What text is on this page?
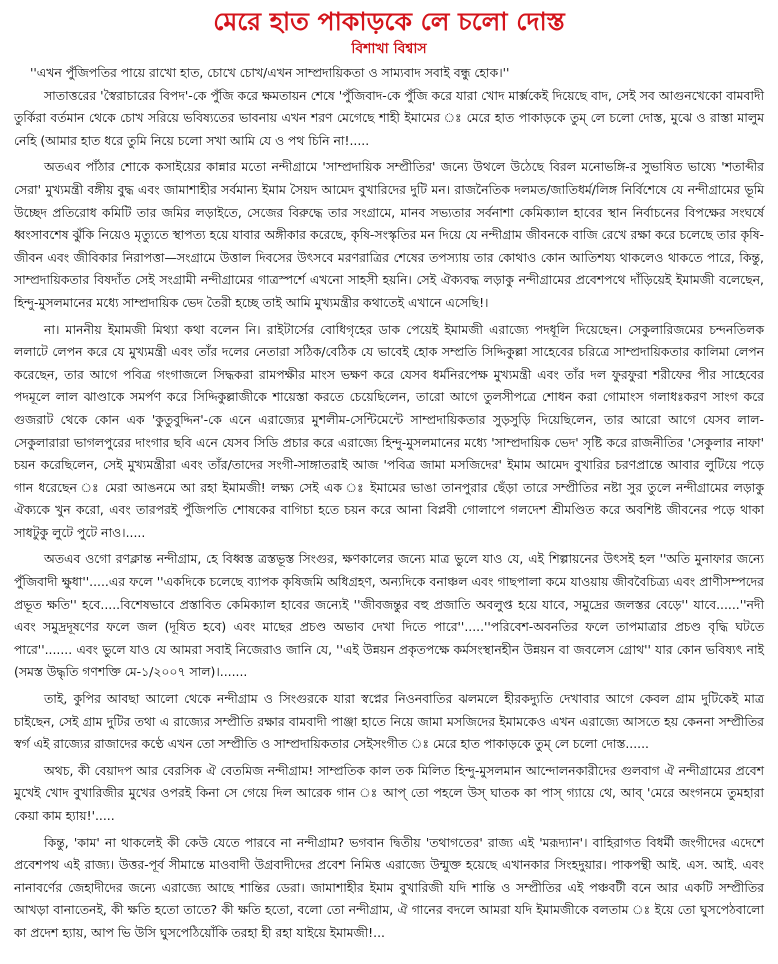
মেরে হাত পাকাড়কে লে চলো দোস্ত
বিশাখা বিশ্বাস

''এখন পুঁজিপতির পায়ে রাখো হাত, চোখে চোখ/এখন সাম্প্রদায়িকতা ও সাম্যবাদ সবাই বন্ধু হোক।''

সাতাত্তরের 'স্বৈরাচারের বিপদ'-কে পুঁজি করে ক্ষমতায়ন শেষে 'পুঁজিবাদ-কে পুঁজি করে যারা খোদ মার্ক্সকেই দিয়েছে বাদ, সেই সব আগুনখেকো বামবাদী তুর্কিরা বর্তমান থেকে চোখ সরিয়ে ভবিষ্যতের ভাবনায় এখন শরণ মেগেছে শাহী ইমামের ঃ মেরে হাত পাকাড়কে তুম্ লে চলো দোস্ত, মুঝে ও রাস্তা মালুম নেহি (আমার হাত ধরে তুমি নিয়ে চলো সখা আমি যে ও পথ চিনি না!.....

অতএব পাঁঠার শোকে কসাইয়ের কান্নার মতো নন্দীগ্রামে 'সাম্প্রদায়িক সম্প্রীতির' জন্যে উথলে উঠেছে বিরল মনোভঙ্গি-র সুভাষিত ভাষ্যে 'শতাব্দীর সেরা' মুখ্যমন্ত্রী বঙ্গীয় বুদ্ধ এবং জামাশাহীর সর্বমান্য ইমাম সৈয়দ আমেদ বুখারিদের দুটি মন। রাজনৈতিক দলমত/জাতিধর্ম/লিঙ্গ নির্বিশেষে যে নন্দীগ্রামের ভূমি উচ্ছেদ প্রতিরোধ কমিটি তার জমির লড়াইতে, সেজের বিরুদ্ধে তার সংগ্রামে, মানব সভ্যতার সর্বনাশা কেমিক্যাল হাবের স্থান নির্বাচনের বিপক্ষের সংঘর্ষে ধ্বংসাবশেষ ঝুঁকি নিয়েও মৃত্যুতে স্থাপত্য হয়ে যাবার অঙ্গীকার করেছে, কৃষি-সংস্কৃতির মন দিয়ে যে নন্দীগ্রাম জীবনকে বাজি রেখে রক্ষা করে চলেছে তার কৃষি-জীবন এবং জীবিকার নিরাপত্তা—সংগ্রামে উত্তাল দিবসের উৎসবে মরণরাত্রির শেষের তপস্যায় তার কোথাও কোন আতিশয্য থাকলেও থাকতে পারে, কিন্তু, সাম্প্রদায়িকতার বিষদাঁত সেই সংগ্রামী নন্দীগ্রামের গাত্রস্পর্শে এখনো সাহসী হয়নি। সেই ঐক্যবদ্ধ লড়াকু নন্দীগ্রামের প্রবেশপথে দাঁড়িয়েই ইমামজী বলেছেন, হিন্দু-মুসলমানের মধ্যে সাম্প্রদায়িক ভেদ তৈরী হচ্ছে তাই আমি মুখ্যমন্ত্রীর কথাতেই এখানে এসেছি!।

না। মাননীয় ইমামজী মিথ্যা কথা বলেন নি। রাইটার্সের বোধিগৃহের ডাক পেয়েই ইমামজী এরাজ্যে পদধূলি দিয়েছেন। সেকুলারিজমের চন্দনতিলক ললাটে লেপন করে যে মুখ্যমন্ত্রী এবং তাঁর দলের নেতারা সঠিক/বেঠিক যে ভাবেই হোক সম্প্রতি সিদ্দিকুল্লা সাহেবের চরিত্রে সাম্প্রদায়িকতার কালিমা লেপন করেছেন, তার আগে পবিত্র গংগাজলে সিদ্ধকরা রামপক্ষীর মাংস ভক্ষণ করে যেসব ধর্মনিরপেক্ষ মুখ্যমন্ত্রী এবং তাঁর দল ফুরফুরা শরীফের পীর সাহেবের পদমূলে লাল ঝাণ্ডাকে সমর্পণ করে সিদ্দিকুল্লাজীকে শায়েস্তা করতে চেয়েছিলেন, তারো আগে তুলসীপত্রে শোধন করা গোমাংস গলাধঃকরণ সাংগ করে গুজরাট থেকে কোন এক 'কুতুবুদ্দিন'-কে এনে এরাজ্যের মুশলীম-সেন্টিমেন্টে সাম্প্রদায়িকতার সুড়সুড়ি দিয়েছিলেন, তার আরো আগে যেসব লাল-সেকুলারারা ভাগলপুরের দাংগার ছবি এনে যেসব সিডি প্রচার করে এরাজ্যে হিন্দু-মুসলমানের মধ্যে 'সাম্প্রদায়িক ভেদ' সৃষ্টি করে রাজনীতির 'সেকুলার নাফা' চয়ন করেছিলেন, সেই মুখ্যমন্ত্রীরা এবং তাঁর/তাদের সংগী-সাঙ্গাতরাই আজ 'পবিত্র জামা মসজিদের' ইমাম আমেদ বুখারির চরণপ্রান্তে আবার লুটিয়ে পড়ে গান ধরেছেন ঃ মেরা আঙনমে আ রহা ইমামজী! লক্ষ্য সেই এক ঃ ইমামের ভাঙা তানপুরার ছেঁড়া তারে সম্প্রীতির নষ্টা সুর তুলে নন্দীগ্রামের লড়াকু ঐক্যকে খুন করো, এবং তারপরই পুঁজিপতি শোষকের বাগিচা হতে চয়ন করে আনা বিপ্লবী গোলাপে গলদেশ শ্রীমণ্ডিত করে অবশিষ্ট জীবনের পড়ে থাকা সাধটুকু লুটে পুটে নাও।.....

অতএব ওগো রণক্লান্ত নন্দীগ্রাম, হে বিধ্বস্ত ত্রস্তভূস্ত সিংগুর, ক্ষণকালের জন্যে মাত্র ভুলে যাও যে, এই শিল্পায়নের উৎসই হল ''অতি মুনাফার জন্যে পুঁজিবাদী ক্ষুধা''.....এর ফলে ''একদিকে চলেছে ব্যাপক কৃষিজমি অধিগ্রহণ, অন্যদিকে বনাঞ্চল এবং গাছপালা কমে যাওয়ায় জীববৈচিত্র্য এবং প্রাণীসম্পদের প্রভূত ক্ষতি'' হবে.....বিশেষভাবে প্রস্তাবিত কেমিক্যাল হাবের জন্যেই ''জীবজন্তুর বহু প্রজাতি অবলুপ্ত হয়ে যাবে, সমুদ্রের জলস্তর বেড়ে'' যাবে......''নদী এবং সমুদ্রদূষণের ফলে জল (দূষিত হবে) এবং মাছের প্রচণ্ড অভাব দেখা দিতে পারে''.....''পরিবেশ-অবনতির ফলে তাপমাত্রার প্রচণ্ড বৃদ্ধি ঘটতে পারে''....... এবং ভুলে যাও যে আমরা সবাই নিজেরাও জানি যে, ''এই উন্নয়ন প্রকৃতপক্ষে কর্মসংস্থানহীন উন্নয়ন বা জবলেস গ্রোথ'' যার কোন ভবিষ্যৎ নাই (সমস্ত উদ্ধৃতি গণশক্তি মে-১/২০০৭ সাল)।.......

তাই, কুপির আবছা আলো থেকে নন্দীগ্রাম ও সিংগুরকে যারা স্বপ্নের নিওনবাতির ঝলমলে হীরকদ্যুতি দেখাবার আগে কেবল গ্রাম দুটিকেই মাত্র চাইছেন, সেই গ্রাম দুটির তথা এ রাজ্যের সম্প্রীতি রক্ষার বামবাদী পাঞ্জা হাতে নিয়ে জামা মসজিদের ইমামকেও এখন এরাজ্যে আসতে হয় কেননা সম্প্রীতির স্বর্গ এই রাজ্যের রাজাদের কণ্ঠে এখন তো সম্প্রীতি ও সাম্প্রদায়িকতার সেইসংগীত ঃ মেরে হাত পাকাড়কে তুম্ লে চলো দোস্ত......

অথচ, কী বেয়াদপ আর বেরসিক ঐ বেতমিজ নন্দীগ্রাম! সাম্প্রতিক কাল তক মিলিত হিন্দু-মুসলমান আন্দোলনকারীদের গুলবাগ ঐ নন্দীগ্রামের প্রবেশ মুখেই খোদ বুখারিজীর মুখের ওপরই কিনা সে গেয়ে দিল আরেক গান ঃ আপ্ তো পহলে উস্ ঘাতক কা পাস্ গ্যায়ে থে, আব্ 'মেরে অংগনমে তুমহারা কেয়া কাম হ্যায়!'.....

কিন্তু, 'কাম' না থাকলেই কী কেউ যেতে পারবে না নন্দীগ্রাম? ভগবান দ্বিতীয় 'তথাগতের' রাজ্য এই 'মরূদ্যান'। বাহিরাগত বিধর্মী জংগীদের এদেশে প্রবেশপথ এই রাজ্য। উত্তর-পূর্ব সীমান্তে মাওবাদী উগ্রবাদীদের প্রবেশ নিমিত্ত এরাজ্যে উন্মুক্ত হয়েছে এখানকার সিংহদুয়ার। পাকপন্থী আই. এস. আই. এবং নানাবর্ণের জেহাদীদের জন্যে এরাজ্যে আছে শান্তির ডেরা। জামাশাহীর ইমাম বুখারিজী যদি শান্তি ও সম্প্রীতির এই পঞ্চবটী বনে আর একটি সম্প্রীতির আখড়া বানাতেনই, কী ক্ষতি হতো তাতে? কী ক্ষতি হতো, বলো তো নন্দীগ্রাম, ঐ গানের বদলে আমরা যদি ইমামজীকে বলতাম ঃ ইয়ে তো ঘুসপেঠবালো কা প্রদেশ হ্যায়, আপ ভি উসি ঘুসপেঠিয়োঁকি তরহা হী রহা যাইয়ে ইমামজী!...
